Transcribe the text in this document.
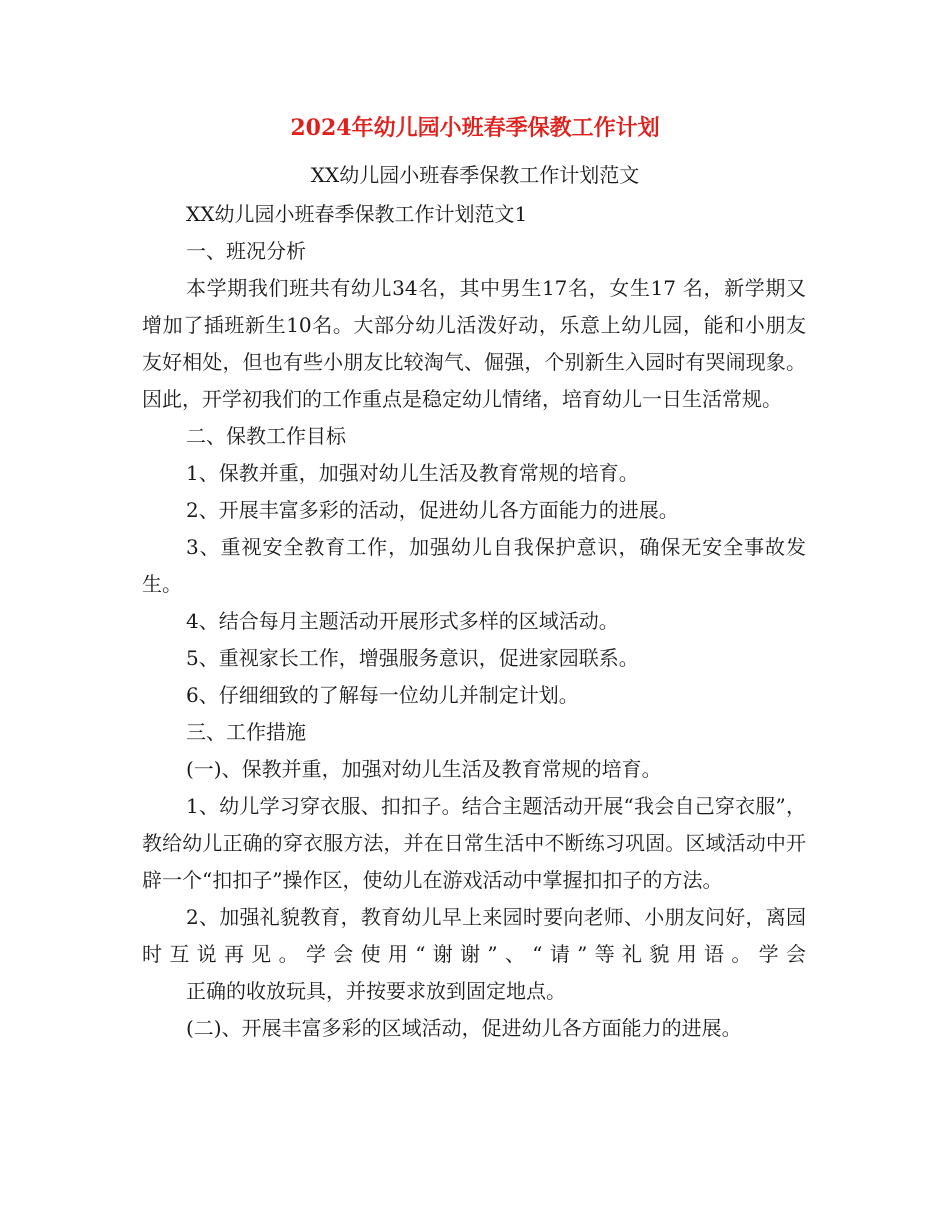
2024年幼儿园小班春季保教工作计划
XX幼儿园小班春季保教工作计划范文

XX幼儿园小班春季保教工作计划范文1

一、班况分析

本学期我们班共有幼儿34名，其中男生17名，女生17 名，新学期又增加了插班新生10名。大部分幼儿活泼好动，乐意上幼儿园，能和小朋友友好相处，但也有些小朋友比较淘气、倔强，个别新生入园时有哭闹现象。因此，开学初我们的工作重点是稳定幼儿情绪，培育幼儿一日生活常规。

二、保教工作目标

1、保教并重，加强对幼儿生活及教育常规的培育。

2、开展丰富多彩的活动，促进幼儿各方面能力的进展。

3、重视安全教育工作，加强幼儿自我保护意识，确保无安全事故发生。

4、结合每月主题活动开展形式多样的区域活动。

5、重视家长工作，增强服务意识，促进家园联系。

6、仔细细致的了解每一位幼儿并制定计划。

三、工作措施

(一)、保教并重，加强对幼儿生活及教育常规的培育。

1、幼儿学习穿衣服、扣扣子。结合主题活动开展“我会自己穿衣服”，教给幼儿正确的穿衣服方法，并在日常生活中不断练习巩固。区域活动中开辟一个“扣扣子”操作区，使幼儿在游戏活动中掌握扣扣子的方法。

2、加强礼貌教育，教育幼儿早上来园时要向老师、小朋友问好，离园时互说再见。学会使用“谢谢”、“请”等礼貌用语。学会

正确的收放玩具，并按要求放到固定地点。

(二)、开展丰富多彩的区域活动，促进幼儿各方面能力的进展。
